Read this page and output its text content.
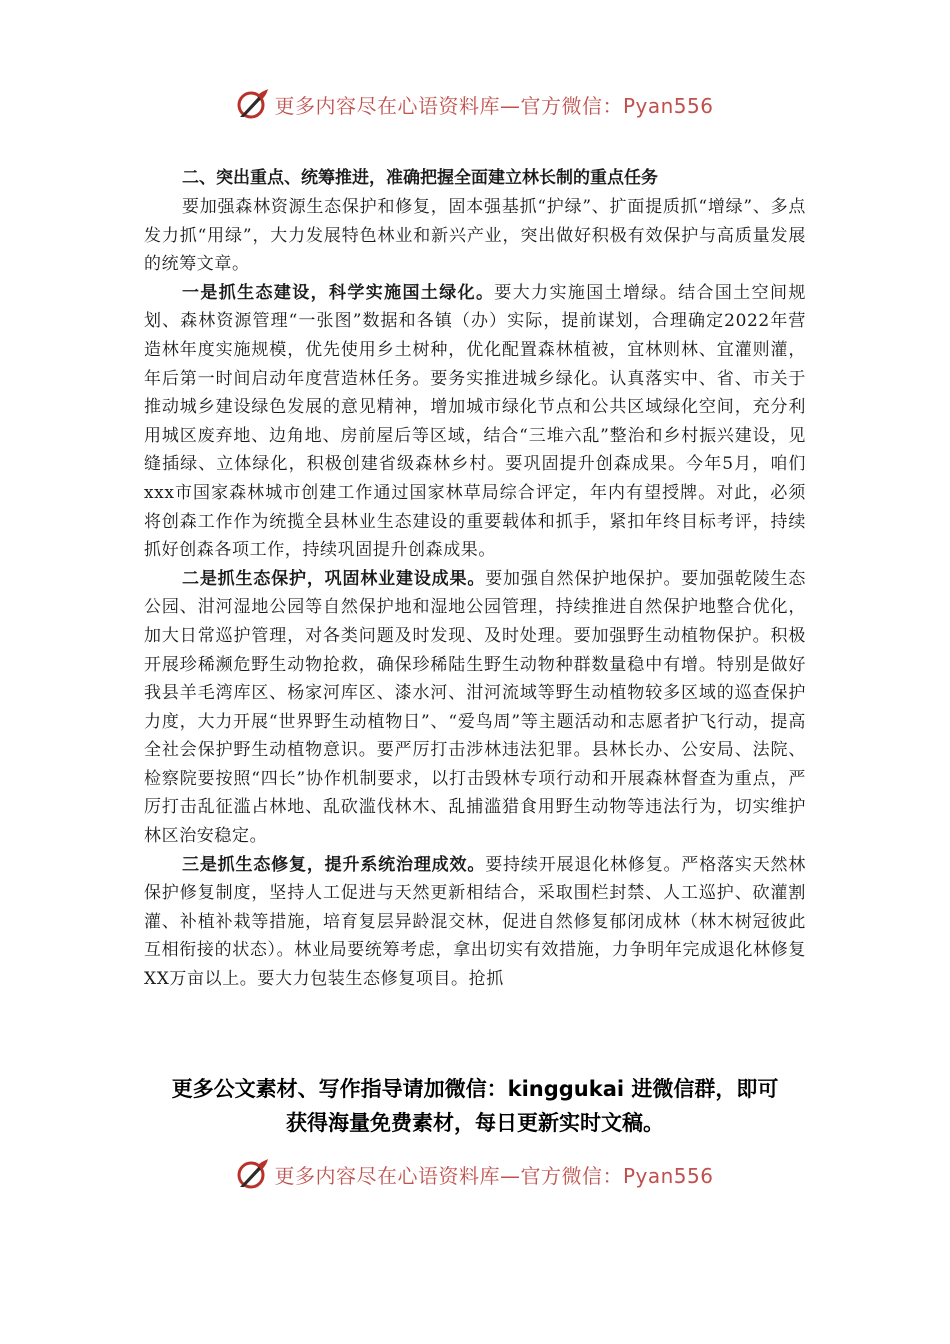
更多内容尽在心语资料库—官方微信：Pyan556

二、突出重点、统筹推进，准确把握全面建立林长制的重点任务

要加强森林资源生态保护和修复，固本强基抓“护绿”、扩面提质抓“增绿”、多点发力抓“用绿”，大力发展特色林业和新兴产业，突出做好积极有效保护与高质量发展的统筹文章。

一是抓生态建设，科学实施国土绿化。要大力实施国土增绿。结合国土空间规划、森林资源管理“一张图”数据和各镇（办）实际，提前谋划，合理确定2022年营造林年度实施规模，优先使用乡土树种，优化配置森林植被，宜林则林、宜灌则灌，年后第一时间启动年度营造林任务。要务实推进城乡绿化。认真落实中、省、市关于推动城乡建设绿色发展的意见精神，增加城市绿化节点和公共区域绿化空间，充分利用城区废弃地、边角地、房前屋后等区域，结合“三堆六乱”整治和乡村振兴建设，见缝插绿、立体绿化，积极创建省级森林乡村。要巩固提升创森成果。今年5月，咱们xxx市国家森林城市创建工作通过国家林草局综合评定，年内有望授牌。对此，必须将创森工作作为统揽全县林业生态建设的重要载体和抓手，紧扣年终目标考评，持续抓好创森各项工作，持续巩固提升创森成果。

二是抓生态保护，巩固林业建设成果。要加强自然保护地保护。要加强乾陵生态公园、泔河湿地公园等自然保护地和湿地公园管理，持续推进自然保护地整合优化，加大日常巡护管理，对各类问题及时发现、及时处理。要加强野生动植物保护。积极开展珍稀濒危野生动物抢救，确保珍稀陆生野生动物种群数量稳中有增。特别是做好我县羊毛湾库区、杨家河库区、漆水河、泔河流域等野生动植物较多区域的巡查保护力度，大力开展“世界野生动植物日”、“爱鸟周”等主题活动和志愿者护飞行动，提高全社会保护野生动植物意识。要严厉打击涉林违法犯罪。县林长办、公安局、法院、检察院要按照“四长”协作机制要求，以打击毁林专项行动和开展森林督查为重点，严厉打击乱征滥占林地、乱砍滥伐林木、乱捕滥猎食用野生动物等违法行为，切实维护林区治安稳定。

三是抓生态修复，提升系统治理成效。要持续开展退化林修复。严格落实天然林保护修复制度，坚持人工促进与天然更新相结合，采取围栏封禁、人工巡护、砍灌割灌、补植补栽等措施，培育复层异龄混交林，促进自然修复郁闭成林（林木树冠彼此互相衔接的状态）。林业局要统筹考虑，拿出切实有效措施，力争明年完成退化林修复XX万亩以上。要大力包装生态修复项目。抢抓

更多公文素材、写作指导请加微信：kinggukai 进微信群，即可
获得海量免费素材，每日更新实时文稿。
更多内容尽在心语资料库—官方微信：Pyan556
